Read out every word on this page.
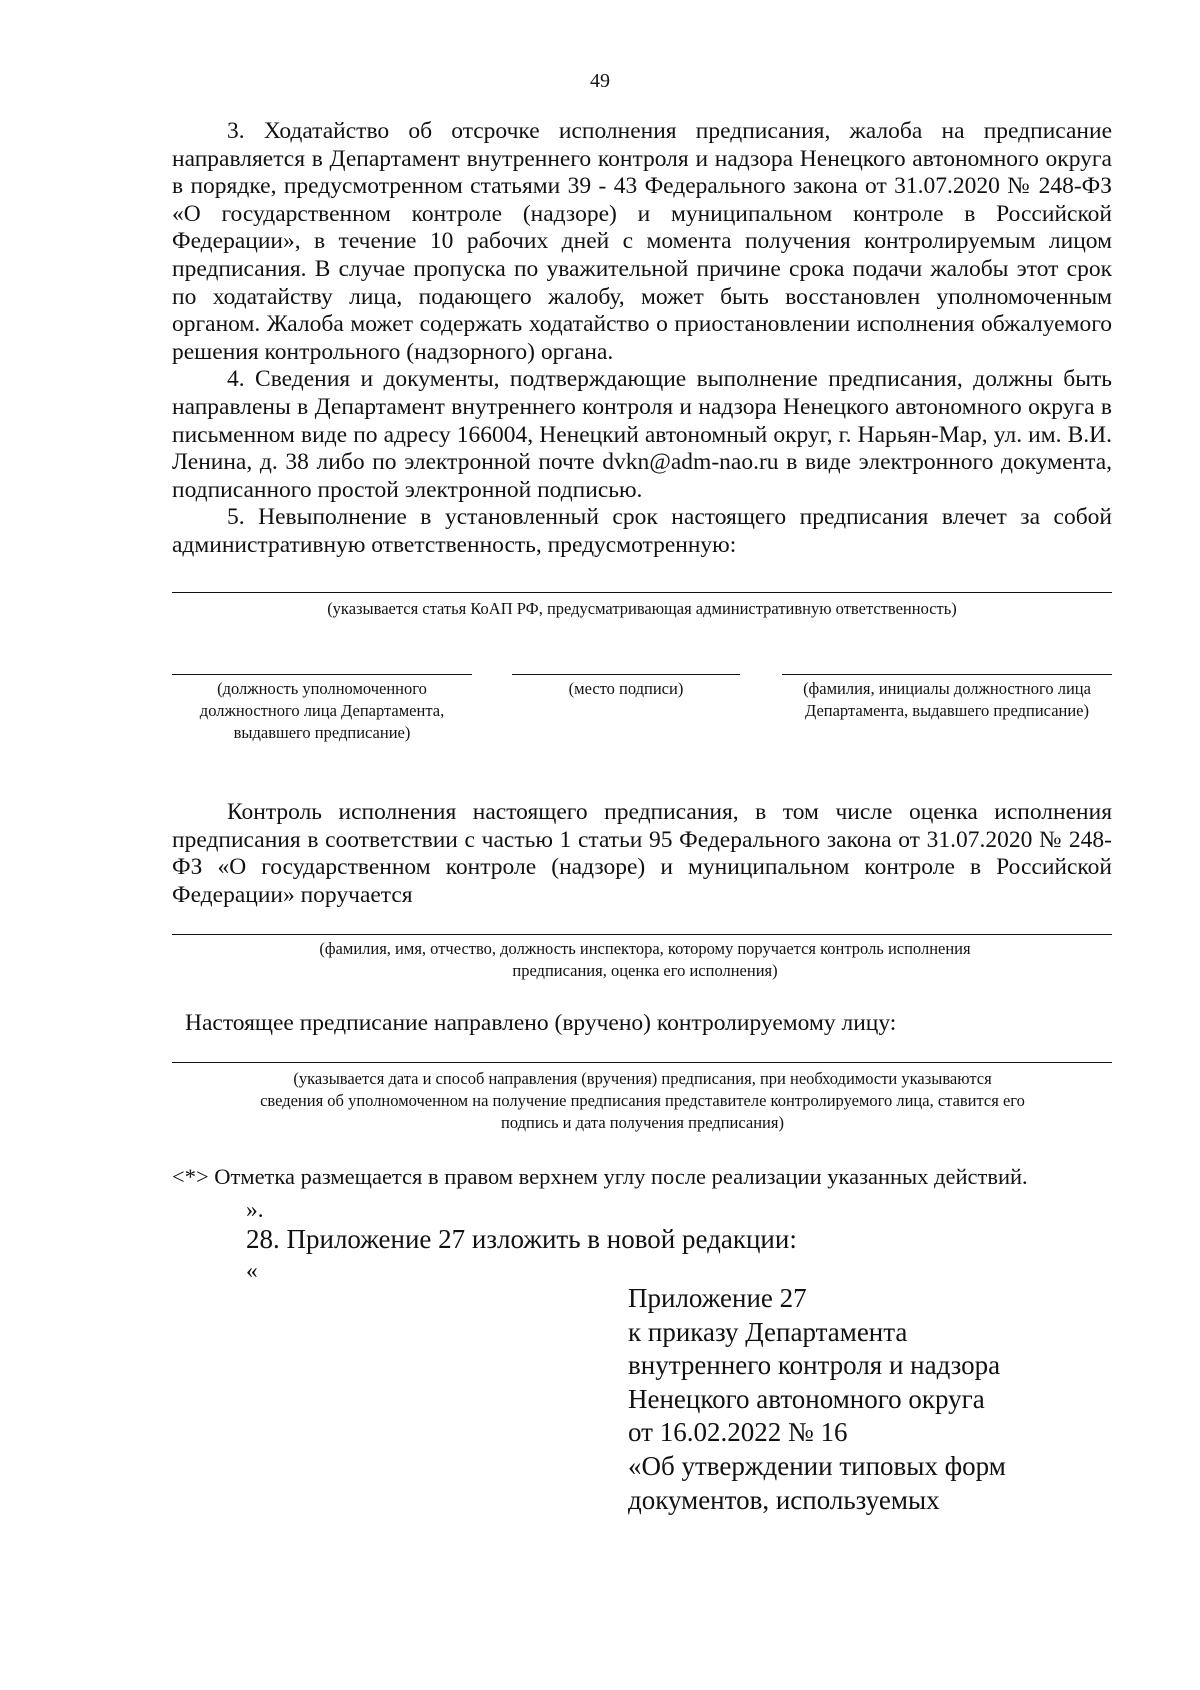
49

3. Ходатайство об отсрочке исполнения предписания, жалоба на предписание направляется в Департамент внутреннего контроля и надзора Ненецкого автономного округа в порядке, предусмотренном статьями 39 - 43 Федерального закона от 31.07.2020 № 248-ФЗ «О государственном контроле (надзоре) и муниципальном контроле в Российской Федерации», в течение 10 рабочих дней с момента получения контролируемым лицом предписания. В случае пропуска по уважительной причине срока подачи жалобы этот срок по ходатайству лица, подающего жалобу, может быть восстановлен уполномоченным органом. Жалоба может содержать ходатайство о приостановлении исполнения обжалуемого решения контрольного (надзорного) органа.

4. Сведения и документы, подтверждающие выполнение предписания, должны быть направлены в Департамент внутреннего контроля и надзора Ненецкого автономного округа в письменном виде по адресу 166004, Ненецкий автономный округ, г. Нарьян-Мар, ул. им. В.И. Ленина, д. 38 либо по электронной почте dvkn@adm-nao.ru в виде электронного документа, подписанного простой электронной подписью.

5. Невыполнение в установленный срок настоящего предписания влечет за собой административную ответственность, предусмотренную:

(указывается статья КоАП РФ, предусматривающая административную ответственность)
(должность уполномоченного должностного лица Департамента, выдавшего предписание)
(место подписи)	(фамилия, инициалы должностного лица Департамента, выдавшего предписание)

Контроль исполнения настоящего предписания, в том числе оценка исполнения предписания в соответствии с частью 1 статьи 95 Федерального закона от 31.07.2020 № 248-ФЗ «О государственном контроле (надзоре) и муниципальном контроле в Российской Федерации» поручается

(фамилия, имя, отчество, должность инспектора, которому поручается контроль исполнения предписания, оценка его исполнения)
Настоящее предписание направлено (вручено) контролируемому лицу:
(указывается дата и способ направления (вручения) предписания, при необходимости указываются сведения об уполномоченном на получение предписания представителе контролируемого лица, ставится его подпись и дата получения предписания)
<*> Отметка размещается в правом верхнем углу после реализации указанных действий.
».
28. Приложение 27 изложить в новой редакции:
«
Приложение 27
к приказу Департамента
внутреннего контроля и надзора
Ненецкого автономного округа
от 16.02.2022 № 16
«Об утверждении типовых форм
документов, используемых
